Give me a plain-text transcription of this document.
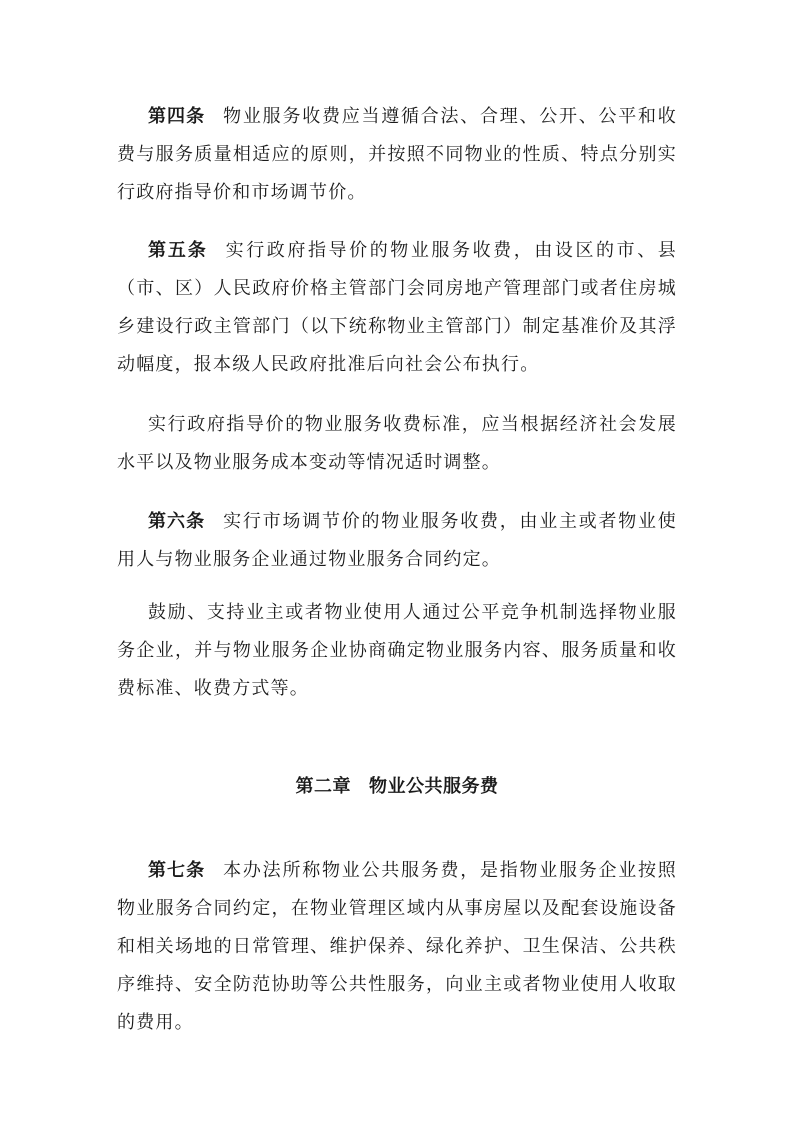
第四条 物业服务收费应当遵循合法、合理、公开、公平和收费与服务质量相适应的原则，并按照不同物业的性质、特点分别实行政府指导价和市场调节价。

第五条 实行政府指导价的物业服务收费，由设区的市、县（市、区）人民政府价格主管部门会同房地产管理部门或者住房城乡建设行政主管部门（以下统称物业主管部门）制定基准价及其浮动幅度，报本级人民政府批准后向社会公布执行。

实行政府指导价的物业服务收费标准，应当根据经济社会发展水平以及物业服务成本变动等情况适时调整。

第六条 实行市场调节价的物业服务收费，由业主或者物业使用人与物业服务企业通过物业服务合同约定。

鼓励、支持业主或者物业使用人通过公平竞争机制选择物业服务企业，并与物业服务企业协商确定物业服务内容、服务质量和收费标准、收费方式等。

第二章 物业公共服务费

第七条 本办法所称物业公共服务费，是指物业服务企业按照物业服务合同约定，在物业管理区域内从事房屋以及配套设施设备和相关场地的日常管理、维护保养、绿化养护、卫生保洁、公共秩序维持、安全防范协助等公共性服务，向业主或者物业使用人收取的费用。
